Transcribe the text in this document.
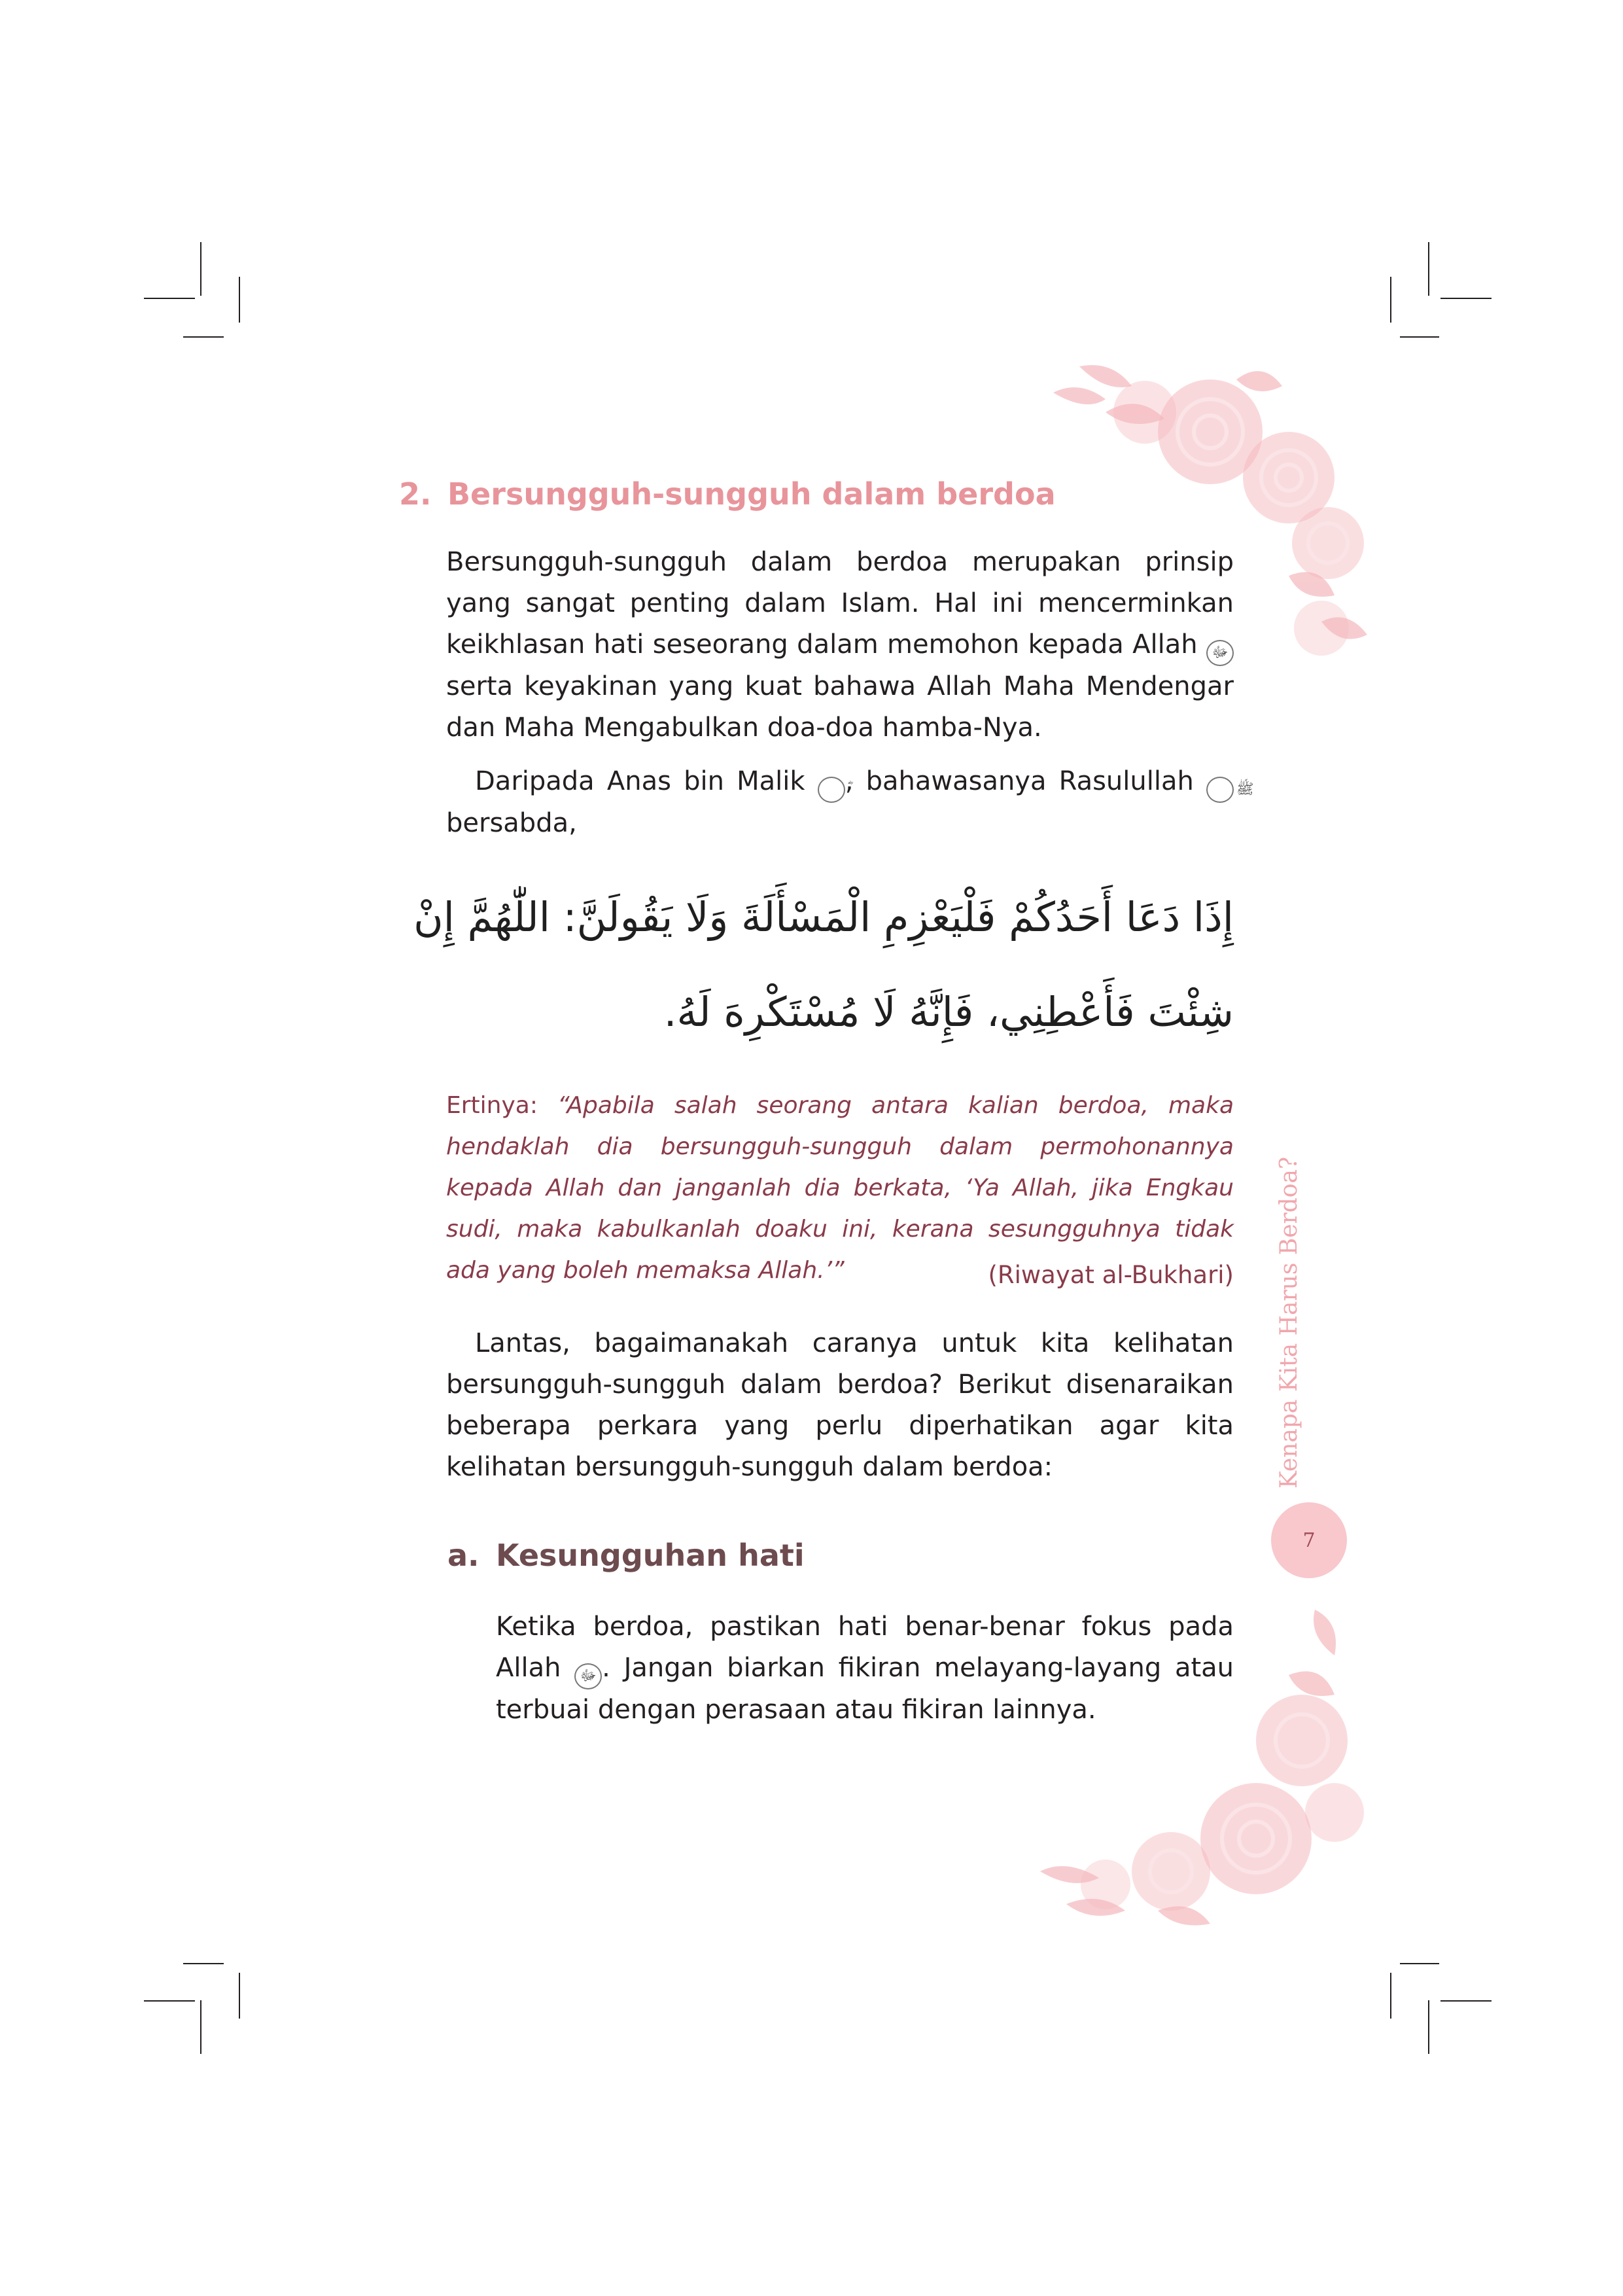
2. Bersungguh-sungguh dalam berdoa

Bersungguh-sungguh dalam berdoa merupakan prinsip yang sangat penting dalam Islam. Hal ini mencerminkan keikhlasan hati seseorang dalam memohon kepada Allah ﷻ serta keyakinan yang kuat bahawa Allah Maha Mendengar dan Maha Mengabulkan doa-doa hamba-Nya.

Daripada Anas bin Malik , bahawasanya Rasulullah	ﷺ bersabda,

إِذَا دَعَا أَحَدُكُمْ فَلْيَعْزِمِ الْمَسْأَلَةَ وَلَا يَقُولَنَّ: اللّٰهُمَّ إِنْ

شِئْتَ فَأَعْطِنِي، فَإِنَّهُ لَا مُسْتَكْرِهَ لَهُ.

Ertinya: “Apabila salah seorang antara kalian berdoa, maka hendaklah dia bersungguh-sungguh dalam permohonannya kepada Allah dan janganlah dia berkata, ‘Ya Allah, jika Engkau sudi, maka kabulkanlah doaku ini, kerana sesungguhnya tidak ada yang boleh memaksa Allah.’”	(Riwayat al-Bukhari)

Lantas, bagaimanakah caranya untuk kita kelihatan bersungguh-sungguh dalam berdoa? Berikut disenaraikan beberapa perkara yang perlu diperhatikan agar kita kelihatan bersungguh-sungguh dalam berdoa:

a. Kesungguhan hati

Ketika berdoa, pastikan hati benar-benar fokus pada Allah ﷻ . Jangan biarkan fikiran melayang-layang atau terbuai dengan perasaan atau fikiran lainnya.

Kenapa Kita Harus Berdoa?
7
